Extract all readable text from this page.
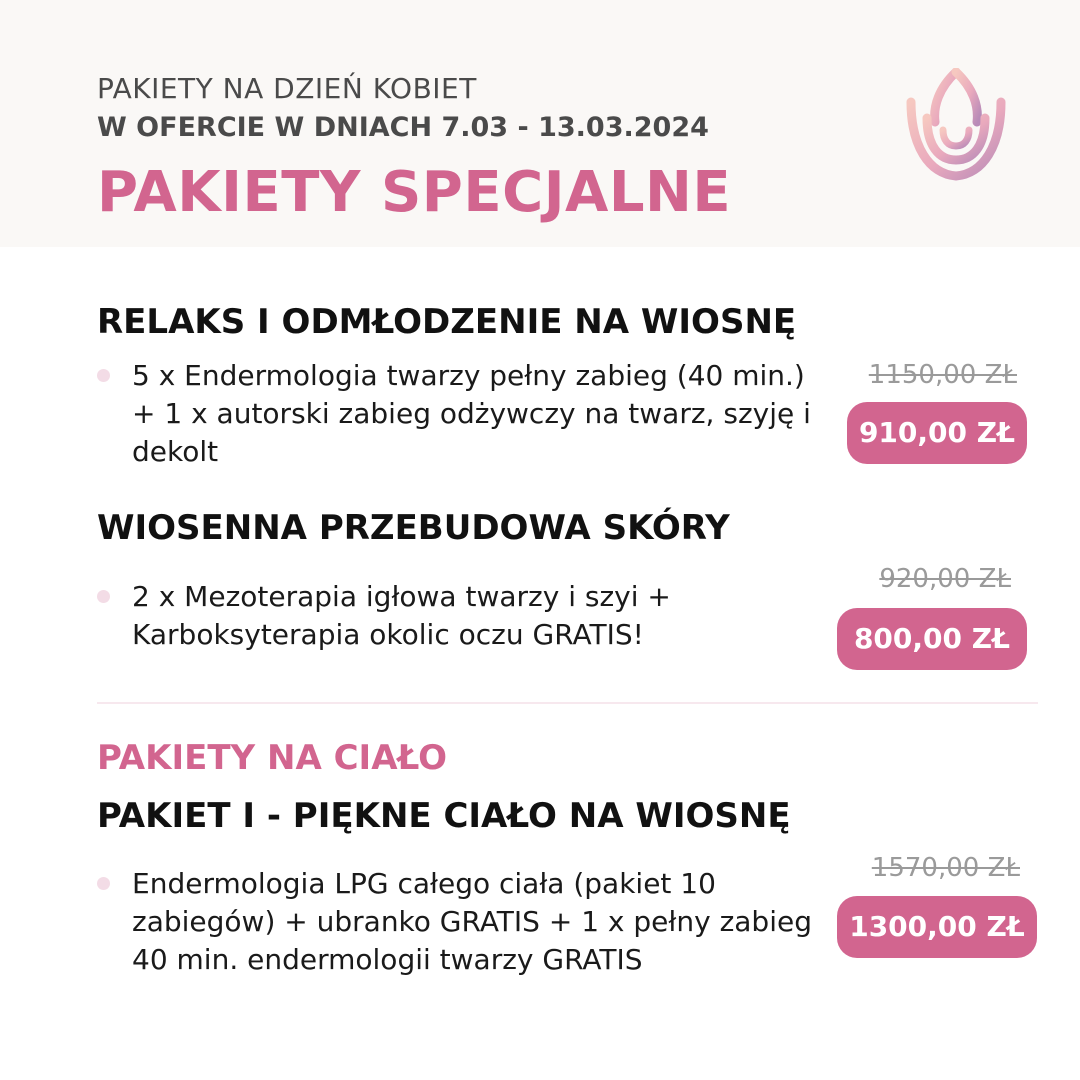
PAKIETY NA DZIEŃ KOBIET
W OFERCIE W DNIACH 7.03 - 13.03.2024
PAKIETY SPECJALNE
RELAKS I ODMŁODZENIE NA WIOSNĘ
5 x Endermologia twarzy pełny zabieg (40 min.) + 1 x autorski zabieg odżywczy na twarz, szyję i dekolt
1150,00 ZŁ
910,00 ZŁ
WIOSENNA PRZEBUDOWA SKÓRY
2 x Mezoterapia igłowa twarzy i szyi + Karboksyterapia okolic oczu GRATIS!
920,00 ZŁ
800,00 ZŁ
PAKIETY NA CIAŁO
PAKIET I - PIĘKNE CIAŁO NA WIOSNĘ
Endermologia LPG całego ciała (pakiet 10 zabiegów) + ubranko GRATIS + 1 x pełny zabieg 40 min. endermologii twarzy GRATIS
1570,00 ZŁ
1300,00 ZŁ
